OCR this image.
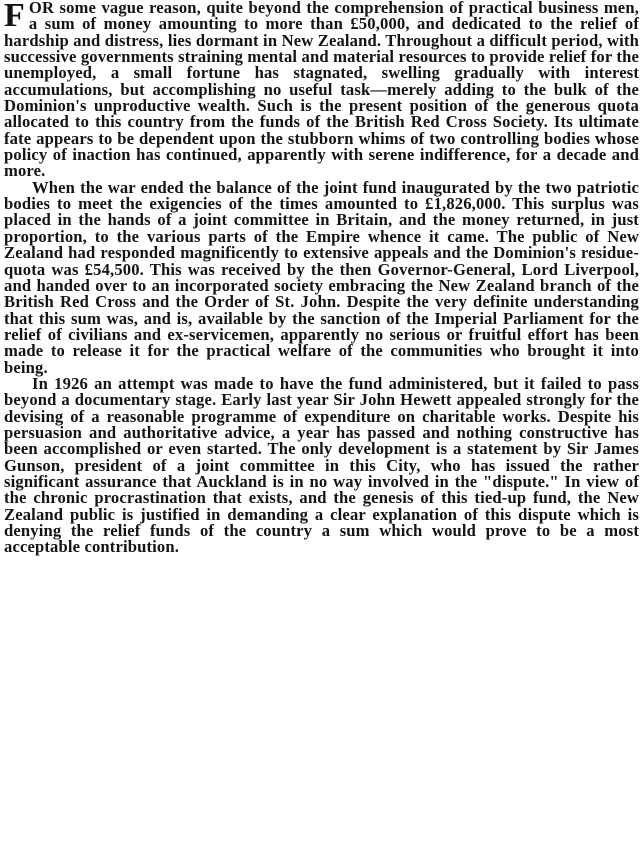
FOR some vague reason, quite beyond the comprehension of practical business men, a sum of money amounting to more than £50,000, and dedicated to the relief of hardship and distress, lies dormant in New Zealand. Throughout a difficult period, with successive governments straining mental and material resources to provide relief for the unemployed, a small fortune has stagnated, swelling gradually with interest accumulations, but accomplishing no useful task—merely adding to the bulk of the Dominion's unproductive wealth. Such is the present position of the generous quota allocated to this country from the funds of the British Red Cross Society. Its ultimate fate appears to be dependent upon the stubborn whims of two controlling bodies whose policy of inaction has continued, apparently with serene indifference, for a decade and more.

When the war ended the balance of the joint fund inaugurated by the two patriotic bodies to meet the exigencies of the times amounted to £1,826,000. This surplus was placed in the hands of a joint committee in Britain, and the money returned, in just proportion, to the various parts of the Empire whence it came. The public of New Zealand had responded magnificently to extensive appeals and the Dominion's residue-quota was £54,500. This was received by the then Governor-General, Lord Liverpool, and handed over to an incorporated society embracing the New Zealand branch of the British Red Cross and the Order of St. John. Despite the very definite understanding that this sum was, and is, available by the sanction of the Imperial Parliament for the relief of civilians and ex-servicemen, apparently no serious or fruitful effort has been made to release it for the practical welfare of the communities who brought it into being.

In 1926 an attempt was made to have the fund administered, but it failed to pass beyond a documentary stage. Early last year Sir John Hewett appealed strongly for the devising of a reasonable programme of expenditure on charitable works. Despite his persuasion and authoritative advice, a year has passed and nothing constructive has been accomplished or even started. The only development is a statement by Sir James Gunson, president of a joint committee in this City, who has issued the rather significant assurance that Auckland is in no way involved in the "dispute." In view of the chronic procrastination that exists, and the genesis of this tied-up fund, the New Zealand public is justified in demanding a clear explanation of this dispute which is denying the relief funds of the country a sum which would prove to be a most acceptable contribution.
